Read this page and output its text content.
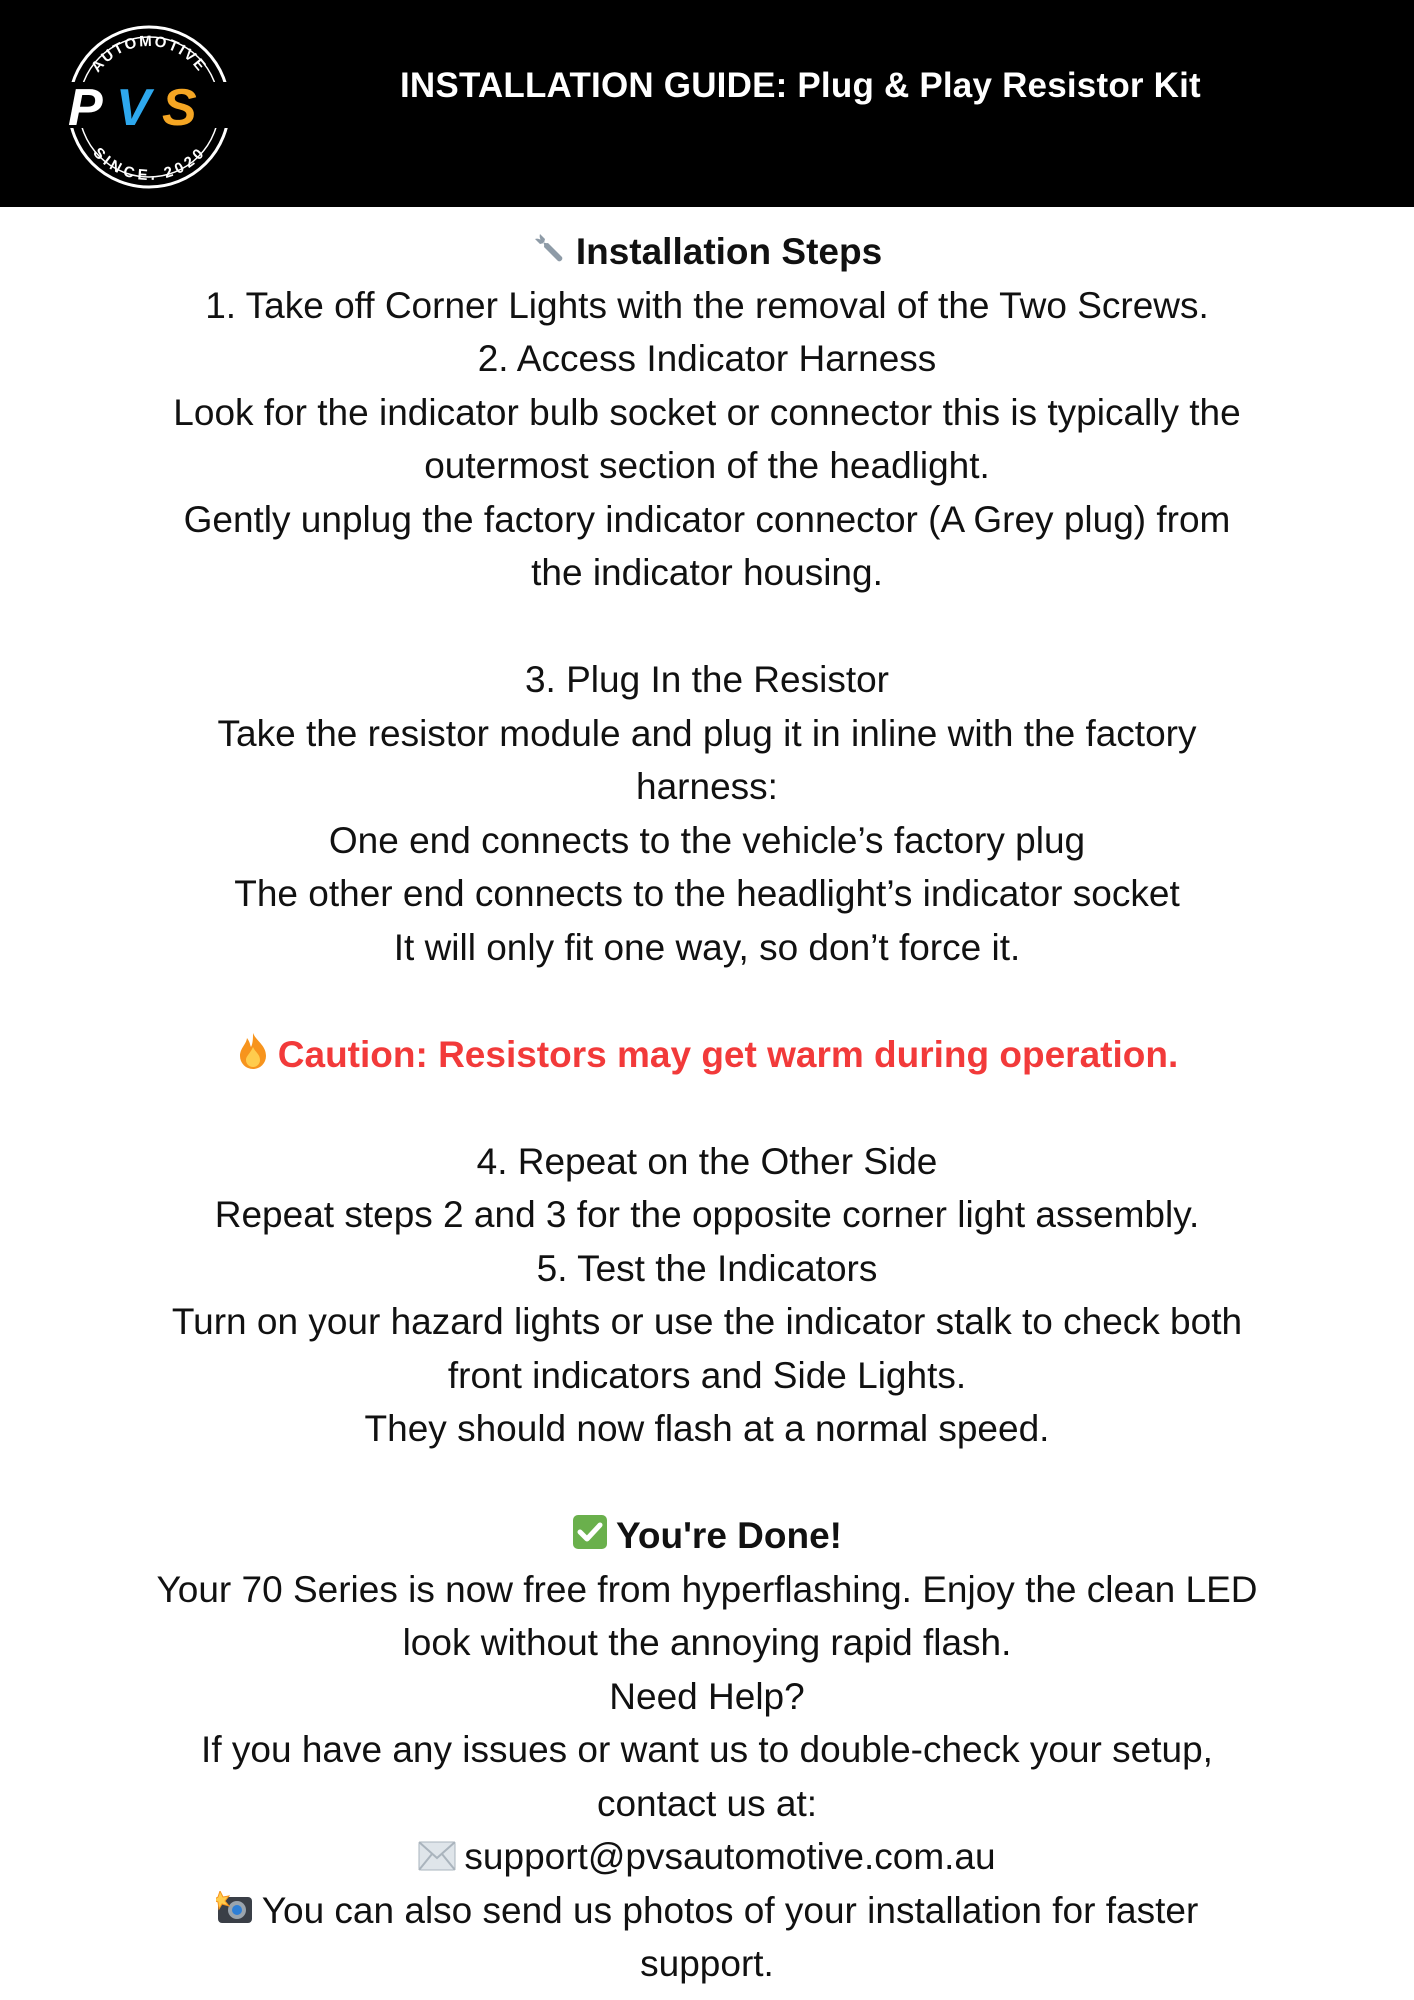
AUTOMOTIVE
SINCE. 2020
P V S	INSTALLATION GUIDE: Plug & Play Resistor Kit
Installation Steps
1. Take off Corner Lights with the removal of the Two Screws.
2. Access Indicator Harness
Look for the indicator bulb socket or connector this is typically the
outermost section of the headlight.
Gently unplug the factory indicator connector (A Grey plug) from
the indicator housing.
3. Plug In the Resistor
Take the resistor module and plug it in inline with the factory
harness:
One end connects to the vehicle’s factory plug
The other end connects to the headlight’s indicator socket
It will only fit one way, so don’t force it.
Caution: Resistors may get warm during operation.
4. Repeat on the Other Side
Repeat steps 2 and 3 for the opposite corner light assembly.
5. Test the Indicators
Turn on your hazard lights or use the indicator stalk to check both
front indicators and Side Lights.
They should now flash at a normal speed.
You're Done!
Your 70 Series is now free from hyperflashing. Enjoy the clean LED
look without the annoying rapid flash.
Need Help?
If you have any issues or want us to double-check your setup,
contact us at:
support@pvsautomotive.com.au
You can also send us photos of your installation for faster
support.
